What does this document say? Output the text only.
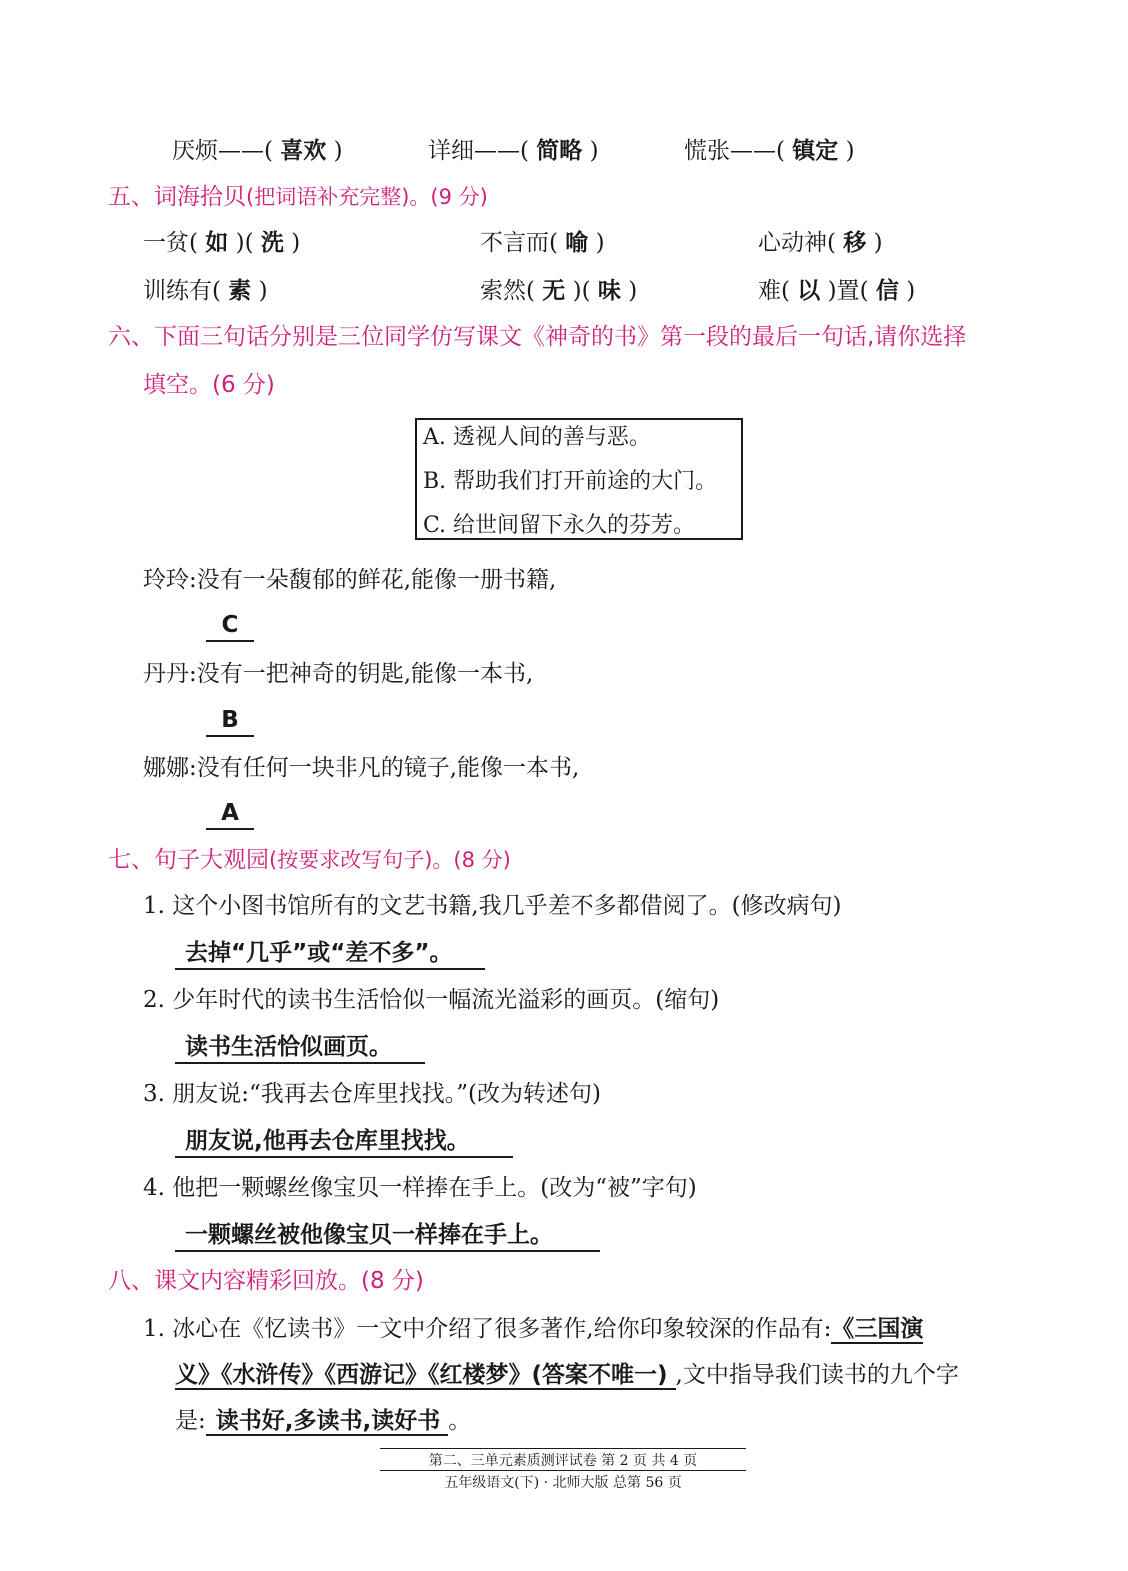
厌烦——( 喜欢 )	详细——( 简略 )	慌张——( 镇定 )
五、词海拾贝(把词语补充完整)。(9 分)
一贫( 如 )( 洗 )	不言而( 喻 )	心动神( 移 )
训练有( 素 )	索然( 无 )( 味 )	难( 以 )置( 信 )
六、下面三句话分别是三位同学仿写课文《神奇的书》第一段的最后一句话,请你选择
填空。(6 分)
A. 透视人间的善与恶。
B. 帮助我们打开前途的大门。
C. 给世间留下永久的芬芳。
玲玲:没有一朵馥郁的鲜花,能像一册书籍,
C
丹丹:没有一把神奇的钥匙,能像一本书,
B
娜娜:没有任何一块非凡的镜子,能像一本书,
A
七、句子大观园(按要求改写句子)。(8 分)
1. 这个小图书馆所有的文艺书籍,我几乎差不多都借阅了。(修改病句)
去掉“几乎”或“差不多”。
2. 少年时代的读书生活恰似一幅流光溢彩的画页。(缩句)
读书生活恰似画页。
3. 朋友说:“我再去仓库里找找。”(改为转述句)
朋友说,他再去仓库里找找。
4. 他把一颗螺丝像宝贝一样捧在手上。(改为“被”字句)
一颗螺丝被他像宝贝一样捧在手上。
八、课文内容精彩回放。(8 分)
1. 冰心在《忆读书》一文中介绍了很多著作,给你印象较深的作品有:《三国演
义》《水浒传》《西游记》《红楼梦》(答案不唯一) ,文中指导我们读书的九个字
是: 读书好,多读书,读好书 。
第二、三单元素质测评试卷 第 2 页 共 4 页
五年级语文(下) · 北师大版 总第 56 页
